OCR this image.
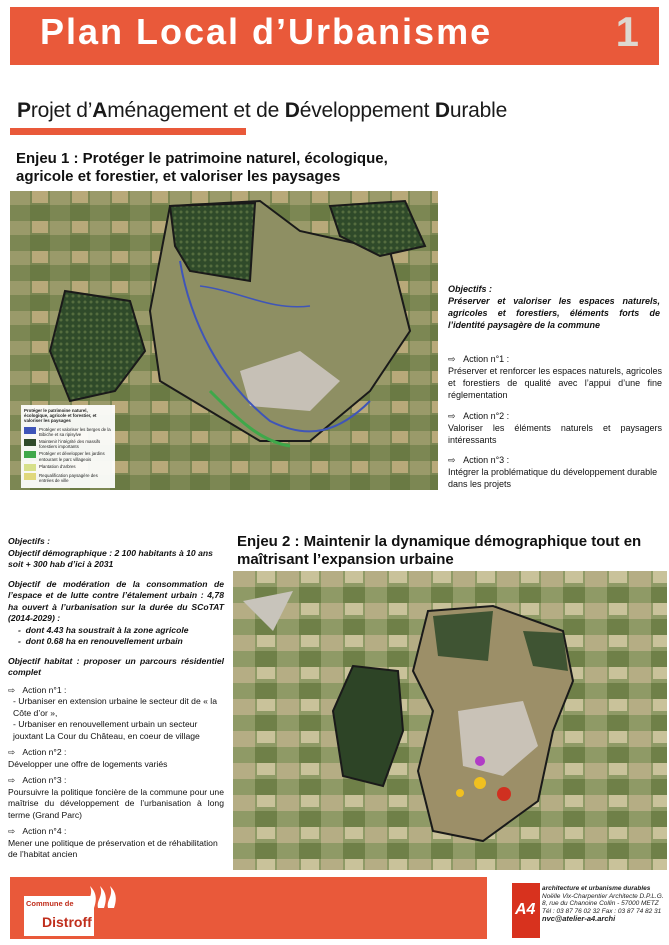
Plan Local d’Urbanisme	1
Projet d’Aménagement et de Développement Durable
Enjeu 1 : Protéger le patrimoine naturel, écologique, agricole et forestier, et valoriser les paysages
Protéger le patrimoine naturel, écologique, agricole et forestier, et valoriser les paysages
Protéger et valoriser les berges de la Bibiche et sa ripisylve
Maintenir l’intégrité des massifs forestiers importants
Protéger et développer les jardins entourant le parc villageois
Plantation d’arbres
Requalification paysagère des entrées de ville
Objectifs :
Préserver et valoriser les espaces naturels, agricoles et forestiers, éléments forts de l’identité paysagère de la commune
⇨ Action n°1 :
Préserver et renforcer les espaces naturels, agricoles et forestiers de qualité avec l’appui d’une fine réglementation
⇨ Action n°2 :
Valoriser les éléments naturels et paysagers intéressants
⇨ Action n°3 :
Intégrer la problématique du développement durable dans les projets
Enjeu 2 : Maintenir la dynamique démographique tout en maîtrisant l’expansion urbaine
Objectifs :
Objectif démographique : 2 100 habitants à 10 ans soit + 300 hab d’ici à 2031
Objectif de modération de la consommation de l’espace et de lutte contre l’étalement urbain : 4,78 ha ouvert à l’urbanisation sur la durée du SCoTAT (2014-2029) :
-  dont 4.43 ha soustrait à la zone agricole
-  dont 0.68 ha en renouvellement urbain
Objectif habitat : proposer un parcours résidentiel complet
⇨ Action n°1 :
- Urbaniser en extension urbaine le secteur dit de « la Côte d’or »,
- Urbaniser en renouvellement urbain un secteur jouxtant La Cour du Château, en coeur de village
⇨ Action n°2 :
Développer une offre de logements variés
⇨ Action n°3 :
Poursuivre la politique foncière de la commune pour une maîtrise du développement de l’urbanisation à long terme (Grand Parc)
⇨ Action n°4 :
Mener une politique de préservation et de réhabilitation de l’habitat ancien
Commune de
Distroff
A4
architecture et urbanisme durables
Noëlle Vix-Charpentier Architecte D.P.L.G.
8, rue du Chanoine Collin - 57000 METZ
Tél : 03 87 76 02 32 Fax : 03 87 74 82 31
nvc@atelier-a4.archi
